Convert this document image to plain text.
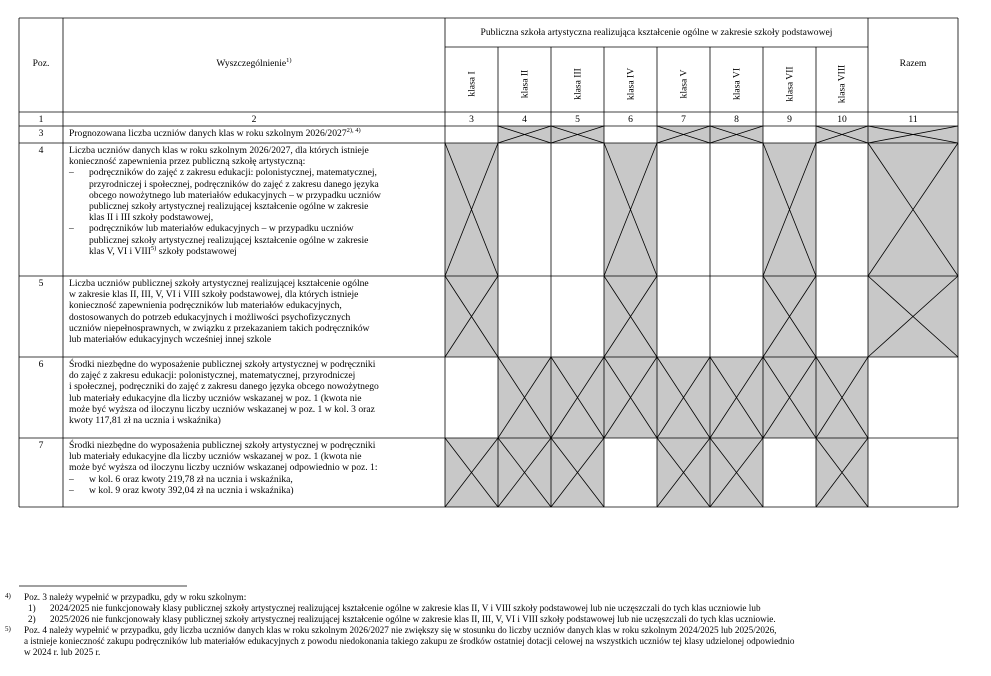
Poz.	Wyszczególnienie$^{1)}$
Publiczna szkoła artystyczna realizująca kształcenie ogólne w zakresie szkoły podstawowej
klasa I	klasa II	klasa III	klasa IV	klasa V	klasa VI	klasa VII	klasa VIII
Razem
1	2	3	4	5	6	7	8	9	10	11
3	Prognozowana liczba uczniów danych klas w roku szkolnym $2026/2027^{2), 4)}$
4	Liczba uczniów danych klas w roku szkolnym 2026/2027, dla których istnieje
konieczność zapewnienia przez publiczną szkołę artystyczną:
– podręczników do zajęć z zakresu edukacji: polonistycznej, matematycznej,
przyrodniczej i społecznej, podręczników do zajęć z zakresu danego języka
obcego nowożytnego lub materiałów edukacyjnych – w przypadku uczniów
publicznej szkoły artystycznej realizującej kształcenie ogólne w zakresie
klas II i III szkoły podstawowej,
– podręczników lub materiałów edukacyjnych – w przypadku uczniów
publicznej szkoły artystycznej realizującej kształcenie ogólne w zakresie
klas V, VI i VIII$^{5)}$ szkoły podstawowej
5	Liczba uczniów publicznej szkoły artystycznej realizującej kształcenie ogólne
w zakresie klas II, III, V, VI i VIII szkoły podstawowej, dla których istnieje
konieczność zapewnienia podręczników lub materiałów edukacyjnych,
dostosowanych do potrzeb edukacyjnych i możliwości psychofizycznych
uczniów niepełnosprawnych, w związku z przekazaniem takich podręczników
lub materiałów edukacyjnych wcześniej innej szkole
6	Środki niezbędne do wyposażenie publicznej szkoły artystycznej w podręczniki
do zajęć z zakresu edukacji: polonistycznej, matematycznej, przyrodniczej
i społecznej, podręczniki do zajęć z zakresu danego języka obcego nowożytnego
lub materiały edukacyjne dla liczby uczniów wskazanej w poz. 1 (kwota nie
może być wyższa od iloczynu liczby uczniów wskazanej w poz. 1 w kol. 3 oraz
kwoty 117,81 zł na ucznia i wskaźnika)
7	Środki niezbędne do wyposażenia publicznej szkoły artystycznej w podręczniki
lub materiały edukacyjne dla liczby uczniów wskazanej w poz. 1 (kwota nie
może być wyższa od iloczynu liczby uczniów wskazanej odpowiednio w poz. 1:
– w kol. 6 oraz kwoty 219,78 zł na ucznia i wskaźnika,
– w kol. 9 oraz kwoty 392,04 zł na ucznia i wskaźnika)
4) Poz. 3 należy wypełnić w przypadku, gdy w roku szkolnym:
1) 2024/2025 nie funkcjonowały klasy publicznej szkoły artystycznej realizującej kształcenie ogólne w zakresie klas II, V i VIII szkoły podstawowej lub nie uczęszczali do tych klas uczniowie lub
2) 2025/2026 nie funkcjonowały klasy publicznej szkoły artystycznej realizującej kształcenie ogólne w zakresie klas II, III, V, VI i VIII szkoły podstawowej lub nie uczęszczali do tych klas uczniowie.
5) Poz. 4 należy wypełnić w przypadku, gdy liczba uczniów danych klas w roku szkolnym 2026/2027 nie zwiększy się w stosunku do liczby uczniów danych klas w roku szkolnym 2024/2025 lub 2025/2026,
a istnieje konieczność zakupu podręczników lub materiałów edukacyjnych z powodu niedokonania takiego zakupu ze środków ostatniej dotacji celowej na wszystkich uczniów tej klasy udzielonej odpowiednio
w 2024 r. lub 2025 r.
